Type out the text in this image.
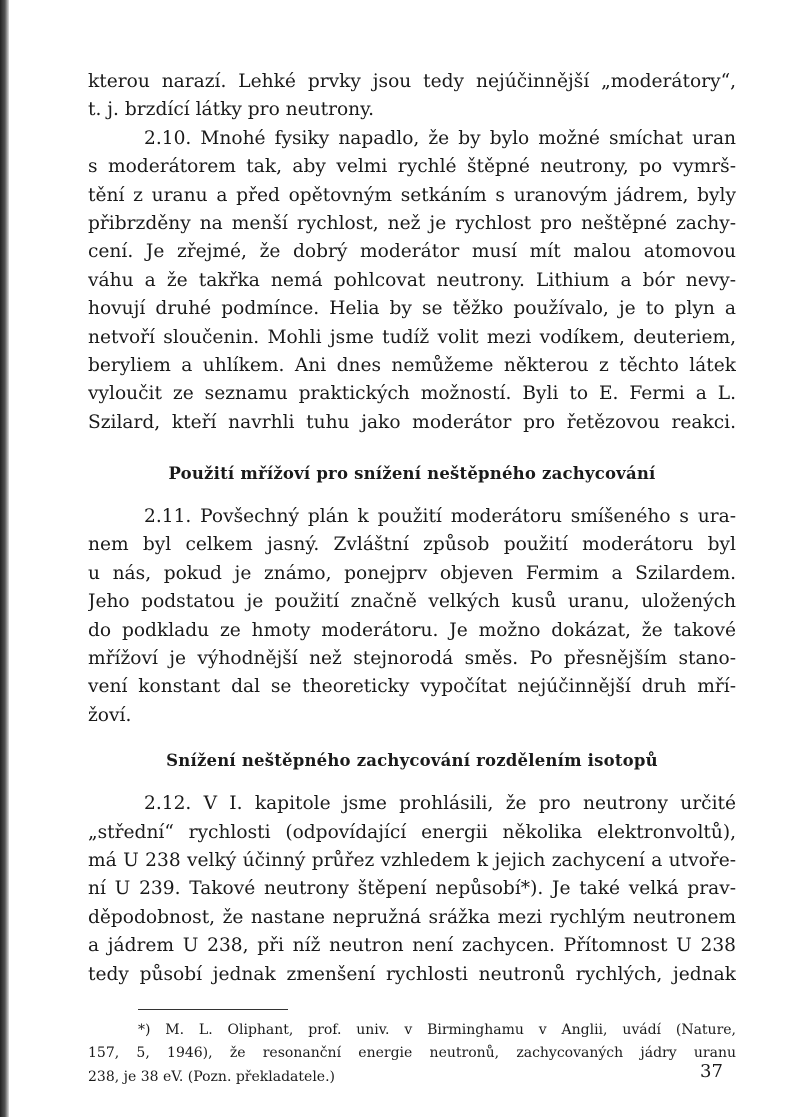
kterou narazí. Lehké prvky jsou tedy nejúčinnější „moderátory“,
t. j. brzdící látky pro neutrony.
2.10. Mnohé fysiky napadlo, že by bylo možné smíchat uran
s moderátorem tak, aby velmi rychlé štěpné neutrony, po vymrš-
tění z uranu a před opětovným setkáním s uranovým jádrem, byly
přibrzděny na menší rychlost, než je rychlost pro neštěpné zachy-
cení. Je zřejmé, že dobrý moderátor musí mít malou atomovou
váhu a že takřka nemá pohlcovat neutrony. Lithium a bór nevy-
hovují druhé podmínce. Helia by se těžko používalo, je to plyn a
netvoří sloučenin. Mohli jsme tudíž volit mezi vodíkem, deuteriem,
beryliem a uhlíkem. Ani dnes nemůžeme některou z těchto látek
vyloučit ze seznamu praktických možností. Byli to E. Fermi a L.
Szilard, kteří navrhli tuhu jako moderátor pro řetězovou reakci.
Použití mřížoví pro snížení neštěpného zachycování
2.11. Povšechný plán k použití moderátoru smíšeného s ura-
nem byl celkem jasný. Zvláštní způsob použití moderátoru byl
u nás, pokud je známo, ponejprv objeven Fermim a Szilardem.
Jeho podstatou je použití značně velkých kusů uranu, uložených
do podkladu ze hmoty moderátoru. Je možno dokázat, že takové
mřížoví je výhodnější než stejnorodá směs. Po přesnějším stano-
vení konstant dal se theoreticky vypočítat nejúčinnější druh mří-
žoví.
Snížení neštěpného zachycování rozdělením isotopů
2.12. V I. kapitole jsme prohlásili, že pro neutrony určité
„střední“ rychlosti (odpovídající energii několika elektronvoltů),
má U 238 velký účinný průřez vzhledem k jejich zachycení a utvoře-
ní U 239. Takové neutrony štěpení nepůsobí*). Je také velká prav-
děpodobnost, že nastane nepružná srážka mezi rychlým neutronem
a jádrem U 238, při níž neutron není zachycen. Přítomnost U 238
tedy působí jednak zmenšení rychlosti neutronů rychlých, jednak
*) M. L. Oliphant, prof. univ. v Birminghamu v Anglii, uvádí (Nature,
157, 5, 1946), že resonanční energie neutronů, zachycovaných jádry uranu
238, je 38 eV. (Pozn. překladatele.)	37
